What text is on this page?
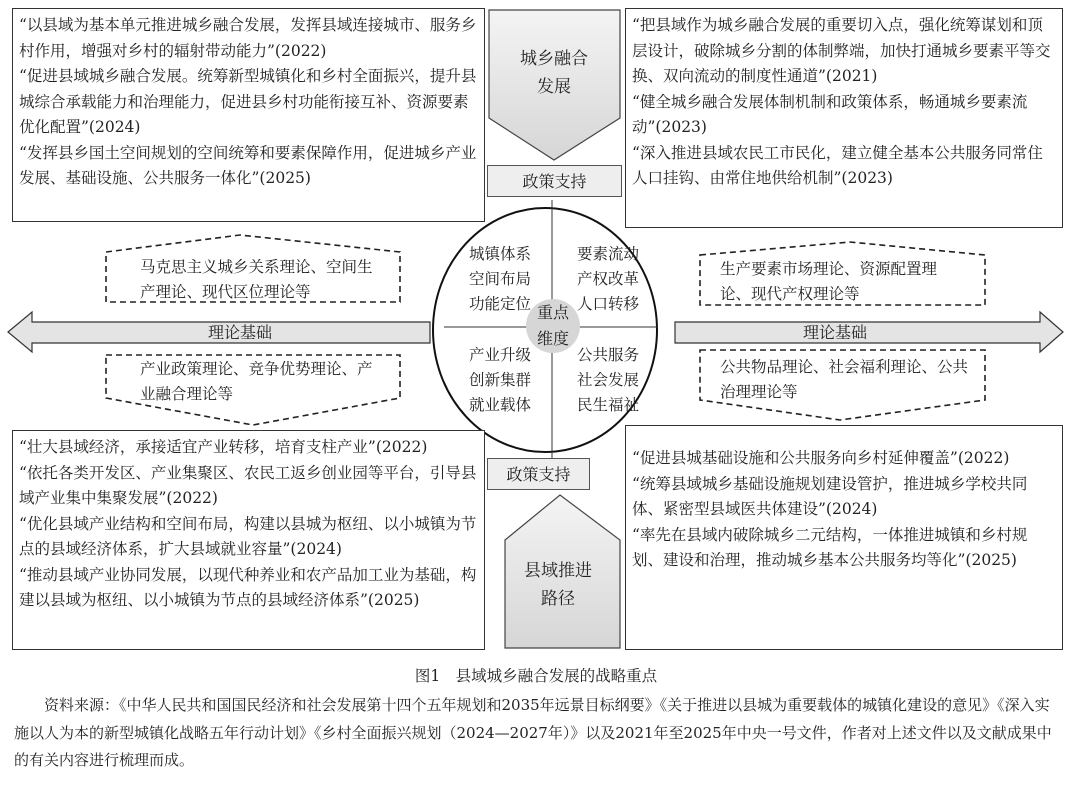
“以县域为基本单元推进城乡融合发展，发挥县域连接城市、服务乡村作用，增强对乡村的辐射带动能力”(2022)

“促进县域城乡融合发展。统筹新型城镇化和乡村全面振兴，提升县城综合承载能力和治理能力，促进县乡村功能衔接互补、资源要素优化配置”(2024)

“发挥县乡国土空间规划的空间统筹和要素保障作用，促进城乡产业发展、基础设施、公共服务一体化”(2025)

“把县域作为城乡融合发展的重要切入点，强化统筹谋划和顶层设计，破除城乡分割的体制弊端，加快打通城乡要素平等交换、双向流动的制度性通道”(2021)

“健全城乡融合发展体制机制和政策体系，畅通城乡要素流动”(2023)

“深入推进县域农民工市民化，建立健全基本公共服务同常住人口挂钩、由常住地供给机制”(2023)

“壮大县域经济，承接适宜产业转移，培育支柱产业”(2022)

“依托各类开发区、产业集聚区、农民工返乡创业园等平台，引导县域产业集中集聚发展”(2022)

“优化县域产业结构和空间布局，构建以县城为枢纽、以小城镇为节点的县域经济体系，扩大县域就业容量”(2024)

“推动县域产业协同发展，以现代种养业和农产品加工业为基础，构建以县域为枢纽、以小城镇为节点的县域经济体系”(2025)

“促进县城基础设施和公共服务向乡村延伸覆盖”(2022)

“统筹县域城乡基础设施规划建设管护，推进城乡学校共同体、紧密型县域医共体建设”(2024)

“率先在县域内破除城乡二元结构，一体推进城镇和乡村规划、建设和治理，推动城乡基本公共服务均等化”(2025)

城乡融合发展
县域推进路径
政策支持
政策支持
理论基础	理论基础
马克思主义城乡关系理论、空间生产理论、现代区位理论等
产业政策理论、竞争优势理论、产业融合理论等
生产要素市场理论、资源配置理论、现代产权理论等
公共物品理论、社会福利理论、公共治理理论等
城镇体系
空间布局
功能定位
要素流动
产权改革
人口转移
产业升级
创新集群
就业载体
公共服务
社会发展
民生福祉
重点维度
图1　县域城乡融合发展的战略重点
资料来源：《中华人民共和国国民经济和社会发展第十四个五年规划和2035年远景目标纲要》《关于推进以县城为重要载体的城镇化建设的意见》《深入实施以人为本的新型城镇化战略五年行动计划》《乡村全面振兴规划（2024—2027年）》以及2021年至2025年中央一号文件，作者对上述文件以及文献成果中的有关内容进行梳理而成。
